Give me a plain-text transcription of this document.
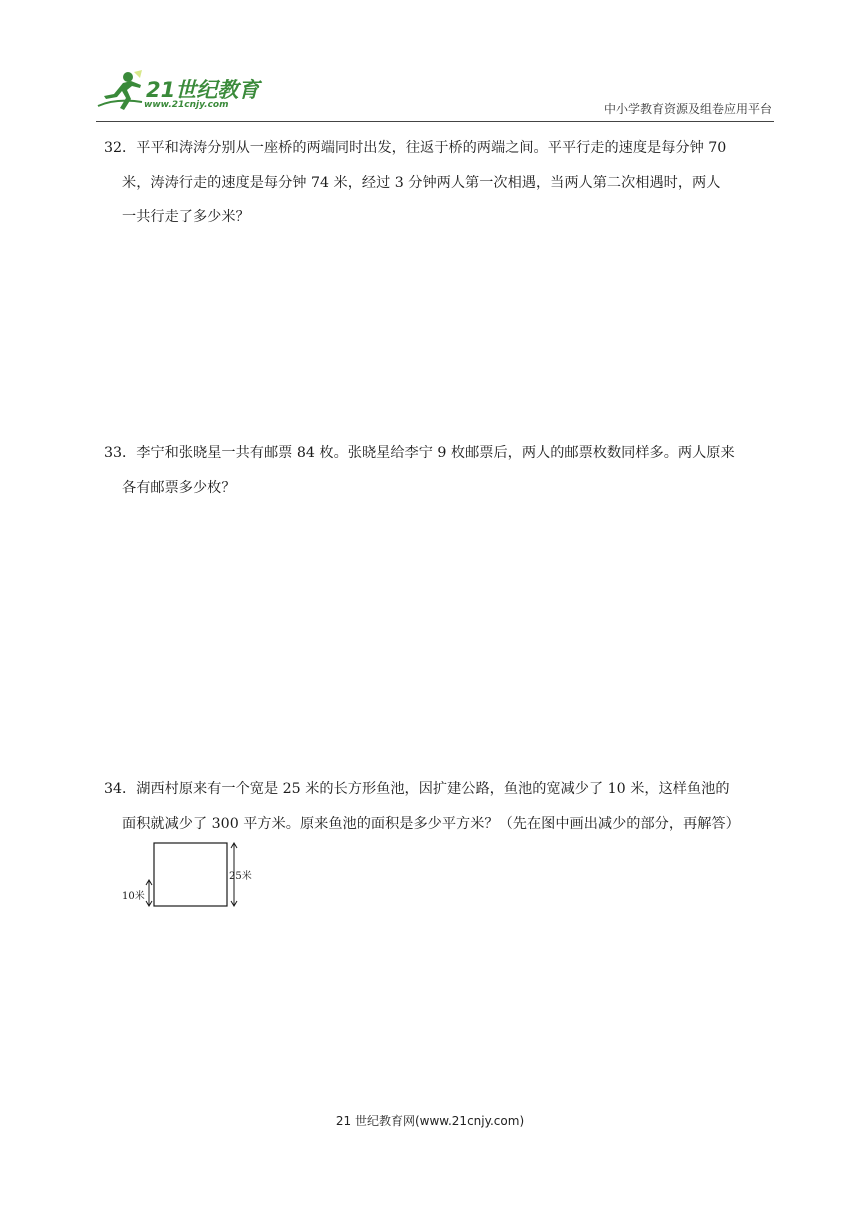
21世纪教育
www.21cnjy.com	中小学教育资源及组卷应用平台

32．平平和涛涛分别从一座桥的两端同时出发，往返于桥的两端之间。平平行走的速度是每分钟 70

米，涛涛行走的速度是每分钟 74 米，经过 3 分钟两人第一次相遇，当两人第二次相遇时，两人

一共行走了多少米？

33．李宁和张晓星一共有邮票 84 枚。张晓星给李宁 9 枚邮票后，两人的邮票枚数同样多。两人原来

各有邮票多少枚？

34．湖西村原来有一个宽是 25 米的长方形鱼池，因扩建公路，鱼池的宽减少了 10 米，这样鱼池的

面积就减少了 300 平方米。原来鱼池的面积是多少平方米？（先在图中画出减少的部分，再解答）

10米
25米
21 世纪教育网(www.21cnjy.com)
